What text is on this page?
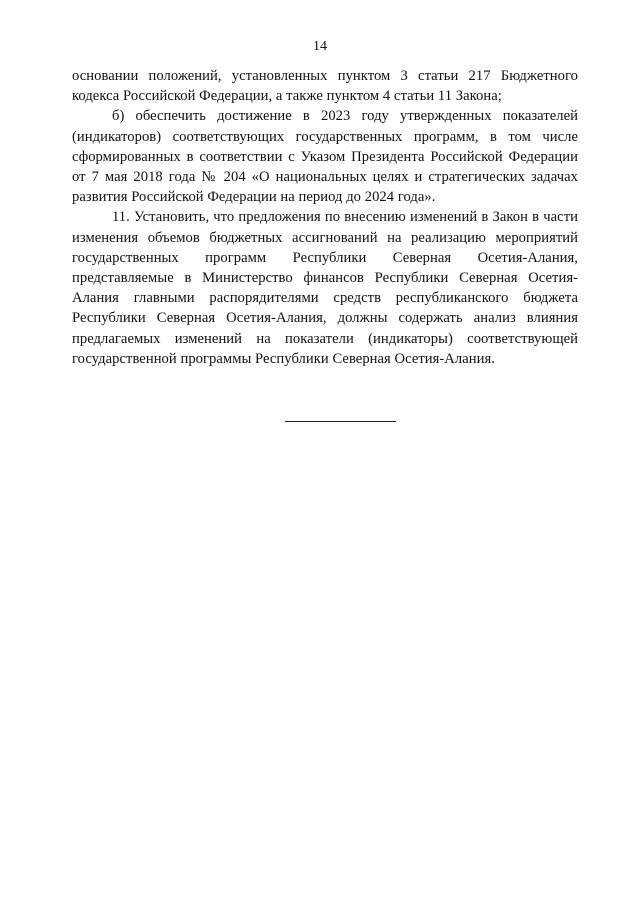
14

основании положений, установленных пунктом 3 статьи 217 Бюджетного кодекса Российской Федерации, а также пунктом 4 статьи 11 Закона;

б) обеспечить достижение в 2023 году утвержденных показателей (индикаторов) соответствующих государственных программ, в том числе сформированных в соответствии с Указом Президента Российской Федерации от 7 мая 2018 года № 204 «О национальных целях и стратегических задачах развития Российской Федерации на период до 2024 года».

11. Установить, что предложения по внесению изменений в Закон в части изменения объемов бюджетных ассигнований на реализацию мероприятий государственных программ Республики Северная Осетия-Алания, представляемые в Министерство финансов Республики Северная Осетия-Алания главными распорядителями средств республиканского бюджета Республики Северная Осетия-Алания, должны содержать анализ влияния предлагаемых изменений на показатели (индикаторы) соответствующей государственной программы Республики Северная Осетия-Алания.
